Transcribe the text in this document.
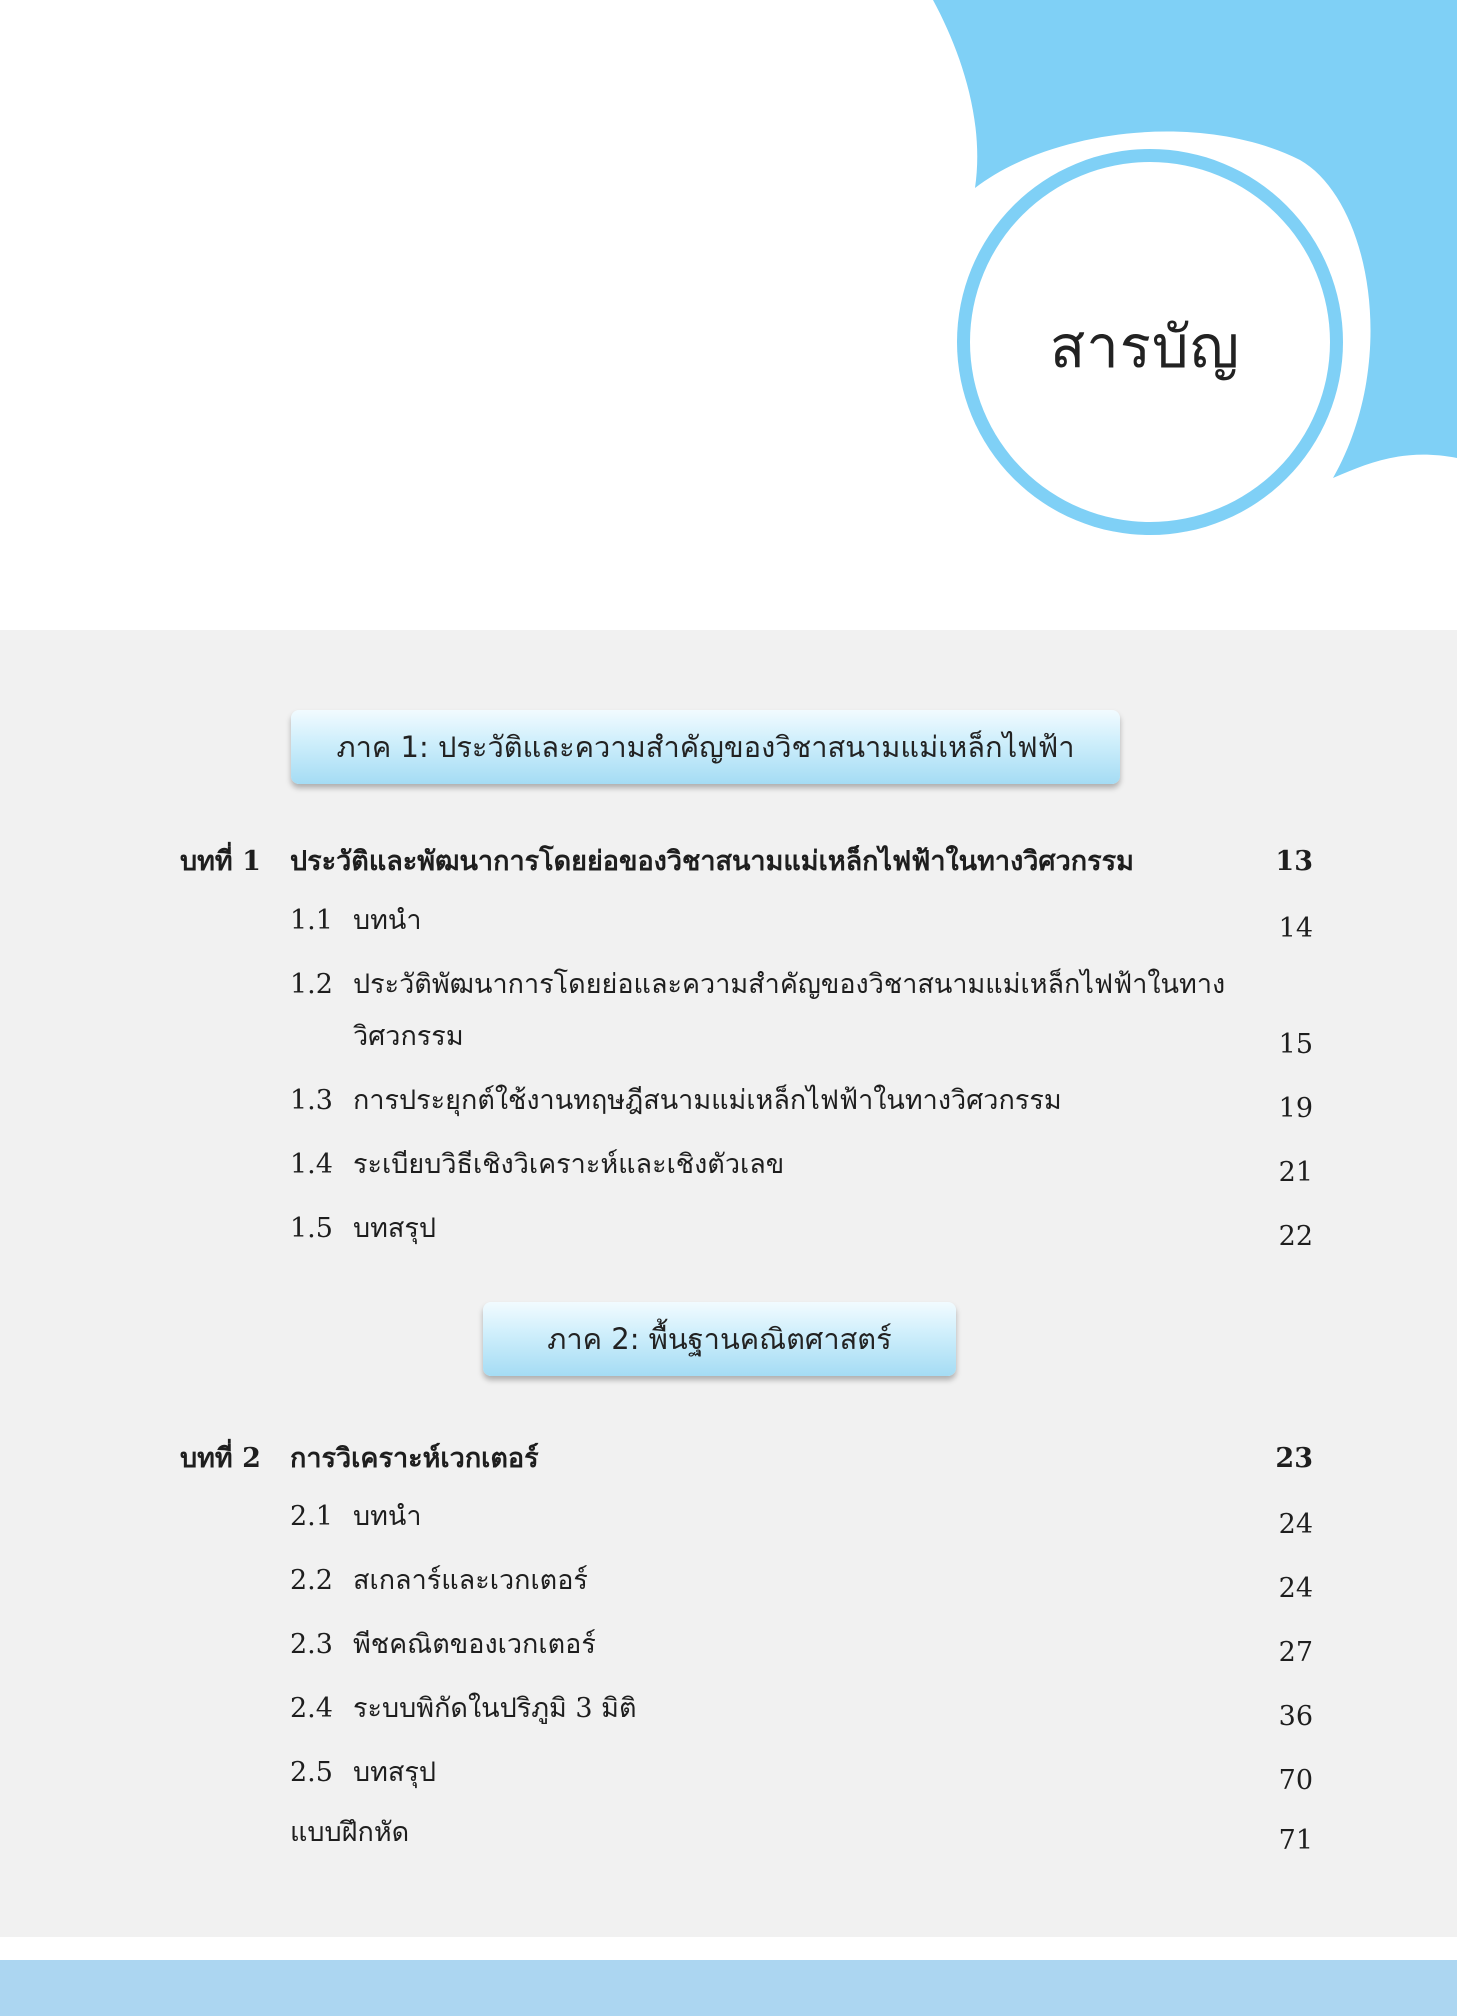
สารบัญ
ภาค 1: ประวัติและความสำคัญของวิชาสนามแม่เหล็กไฟฟ้า
บทที่ 1 ประวัติและพัฒนาการโดยย่อของวิชาสนามแม่เหล็กไฟฟ้าในทางวิศวกรรม	13
1.1 บทนำ	14
1.2 ประวัติพัฒนาการโดยย่อและความสำคัญของวิชาสนามแม่เหล็กไฟฟ้าในทาง
วิศวกรรม	15
1.3 การประยุกต์ใช้งานทฤษฎีสนามแม่เหล็กไฟฟ้าในทางวิศวกรรม	19
1.4 ระเบียบวิธีเชิงวิเคราะห์และเชิงตัวเลข	21
1.5 บทสรุป	22
ภาค 2: พื้นฐานคณิตศาสตร์
บทที่ 2 การวิเคราะห์เวกเตอร์	23
2.1 บทนำ	24
2.2 สเกลาร์และเวกเตอร์	24
2.3 พีชคณิตของเวกเตอร์	27
2.4 ระบบพิกัดในปริภูมิ 3 มิติ	36
2.5 บทสรุป	70
แบบฝึกหัด	71
